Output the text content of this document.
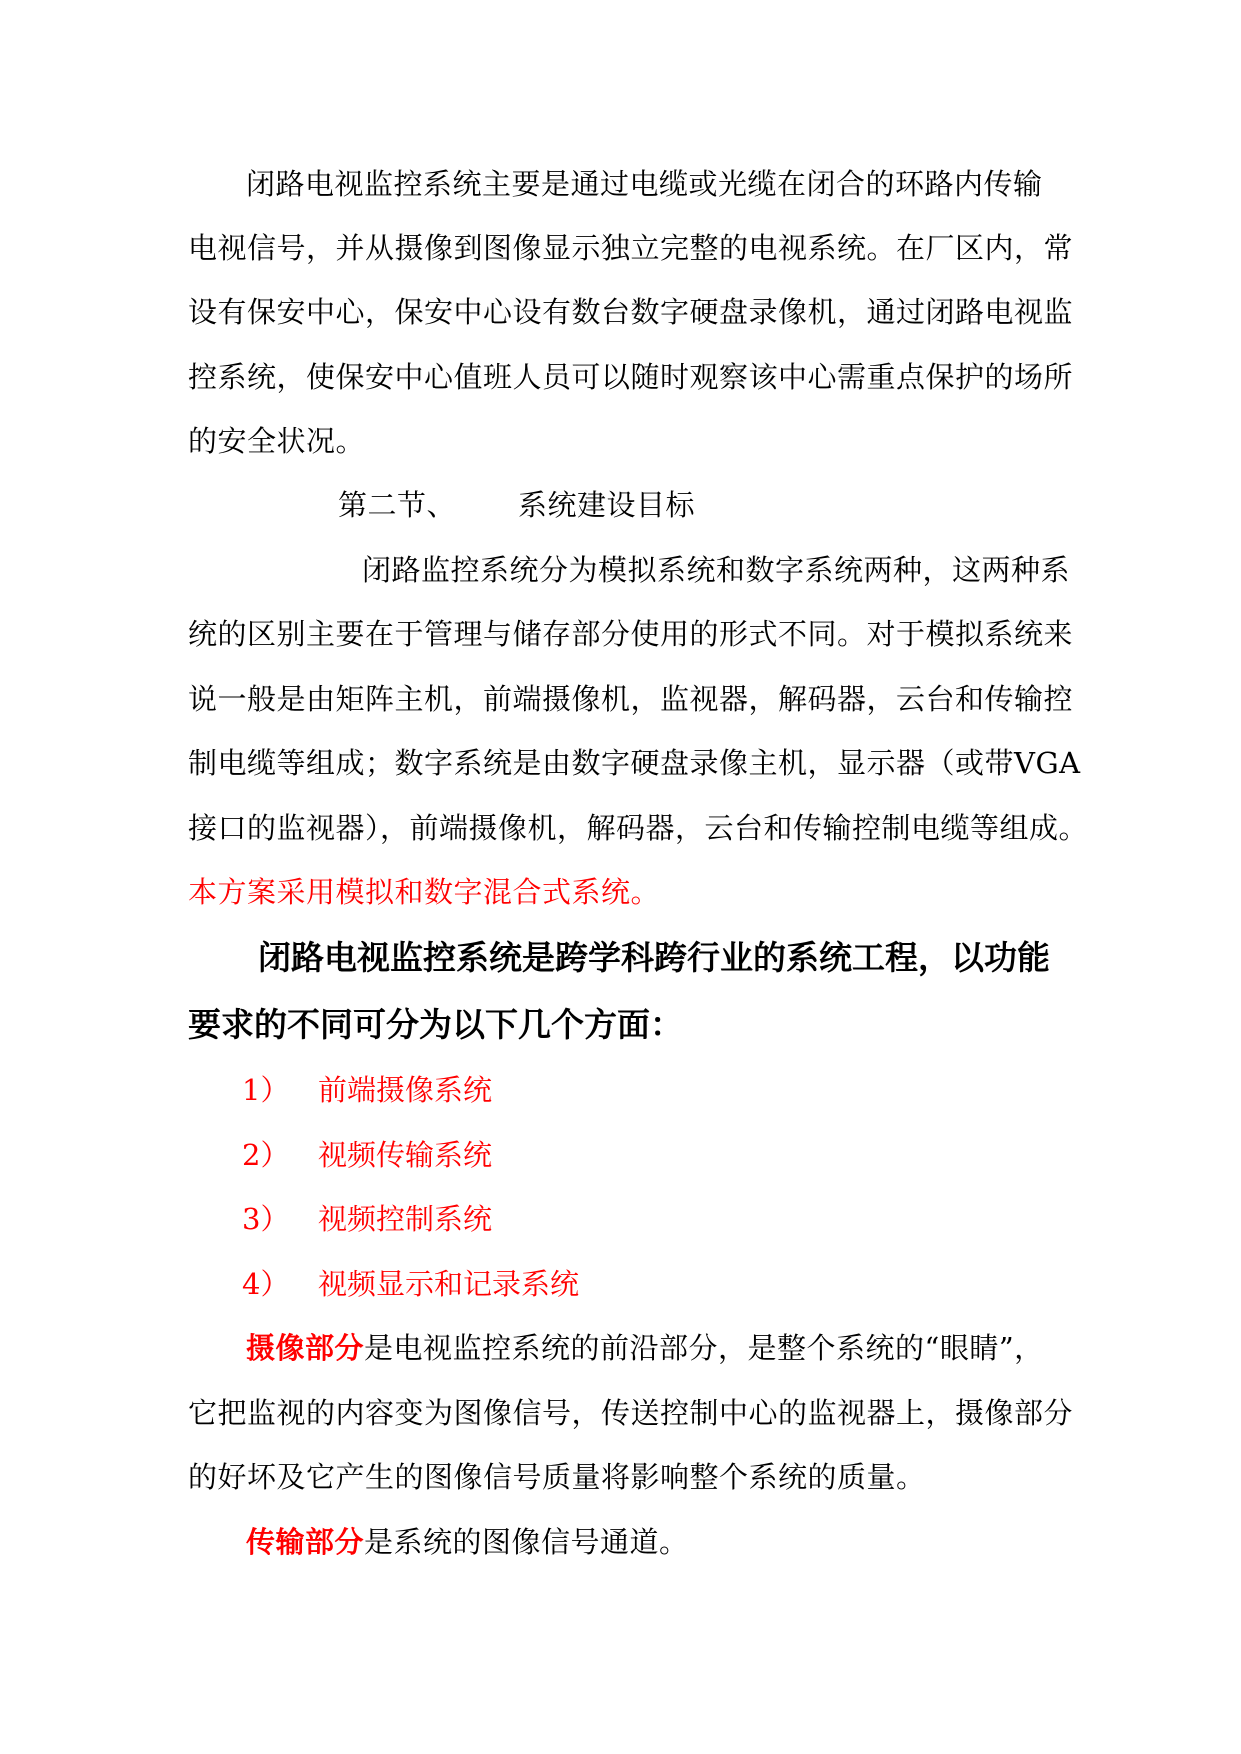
闭路电视监控系统主要是通过电缆或光缆在闭合的环路内传输
电视信号，并从摄像到图像显示独立完整的电视系统。在厂区内，常
设有保安中心，保安中心设有数台数字硬盘录像机，通过闭路电视监
控系统，使保安中心值班人员可以随时观察该中心需重点保护的场所
的安全状况。
第二节、 系统建设目标
闭路监控系统分为模拟系统和数字系统两种，这两种系
统的区别主要在于管理与储存部分使用的形式不同。对于模拟系统来
说一般是由矩阵主机，前端摄像机，监视器，解码器，云台和传输控
制电缆等组成；数字系统是由数字硬盘录像主机，显示器（或带VGA
接口的监视器），前端摄像机，解码器，云台和传输控制电缆等组成。
本方案采用模拟和数字混合式系统。
闭路电视监控系统是跨学科跨行业的系统工程，以功能
要求的不同可分为以下几个方面：
1） 前端摄像系统
2） 视频传输系统
3） 视频控制系统
4） 视频显示和记录系统
摄像部分是电视监控系统的前沿部分，是整个系统的“眼睛”，
它把监视的内容变为图像信号，传送控制中心的监视器上，摄像部分
的好坏及它产生的图像信号质量将影响整个系统的质量。
传输部分是系统的图像信号通道。
